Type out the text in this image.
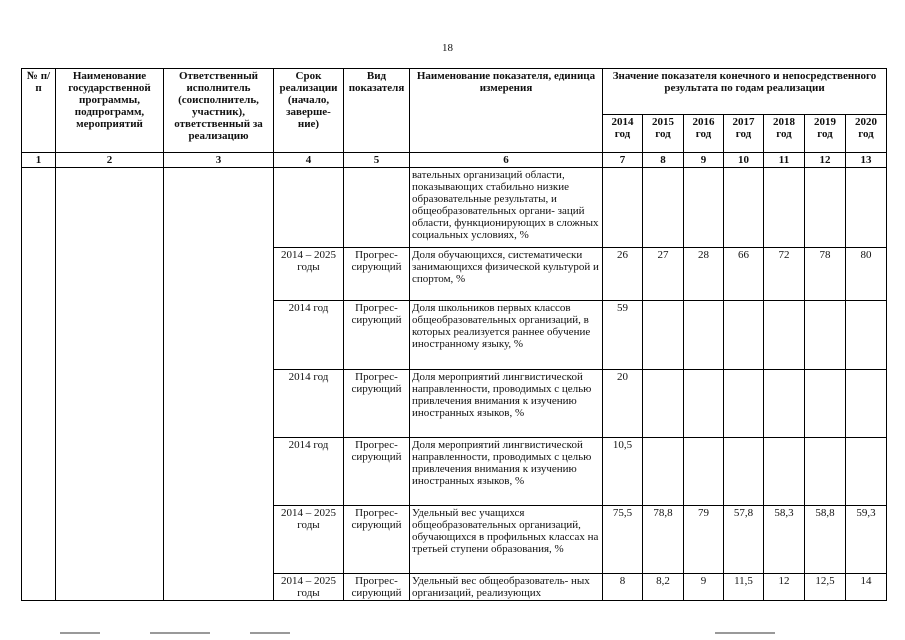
18
№ п/п	Наименование государственной программы, подпрограмм, мероприятий	Ответственный исполнитель (соисполнитель, участник), ответственный за реализацию	Срок реализации (начало, заверше- ние)	Вид показателя	Наименование показателя, единица измерения	Значение показателя конечного и непосредственного результата по годам реализации						
						2014 год	2015 год	2016 год	2017 год	2018 год	2019 год	2020 год
1	2	3	4	5	6	7	8	9	10	11	12	13
					вательных организаций области, показывающих стабильно низкие образовательные результаты, и общеобразовательных органи- заций области, функционирующих в сложных социальных условиях, %							
			2014 – 2025 годы	Прогрес- сирующий	Доля обучающихся, систематически занимающихся физической культурой и спортом, %	26	27	28	66	72	78	80
			2014 год	Прогрес- сирующий	Доля школьников первых классов общеобразовательных организаций, в которых реализуется раннее обучение иностранному языку, %	59						
			2014 год	Прогрес- сирующий	Доля мероприятий лингвистической направленности, проводимых с целью привлечения внимания к изучению иностранных языков, %	20						
			2014 год	Прогрес- сирующий	Доля мероприятий лингвистической направленности, проводимых с целью привлечения внимания к изучению иностранных языков, %	10,5						
			2014 – 2025 годы	Прогрес- сирующий	Удельный вес учащихся общеобразовательных организаций, обучающихся в профильных классах на третьей ступени образования, %	75,5	78,8	79	57,8	58,3	58,8	59,3
			2014 – 2025 годы	Прогрес- сирующий	Удельный вес общеобразователь- ных организаций, реализующих	8	8,2	9	11,5	12	12,5	14
